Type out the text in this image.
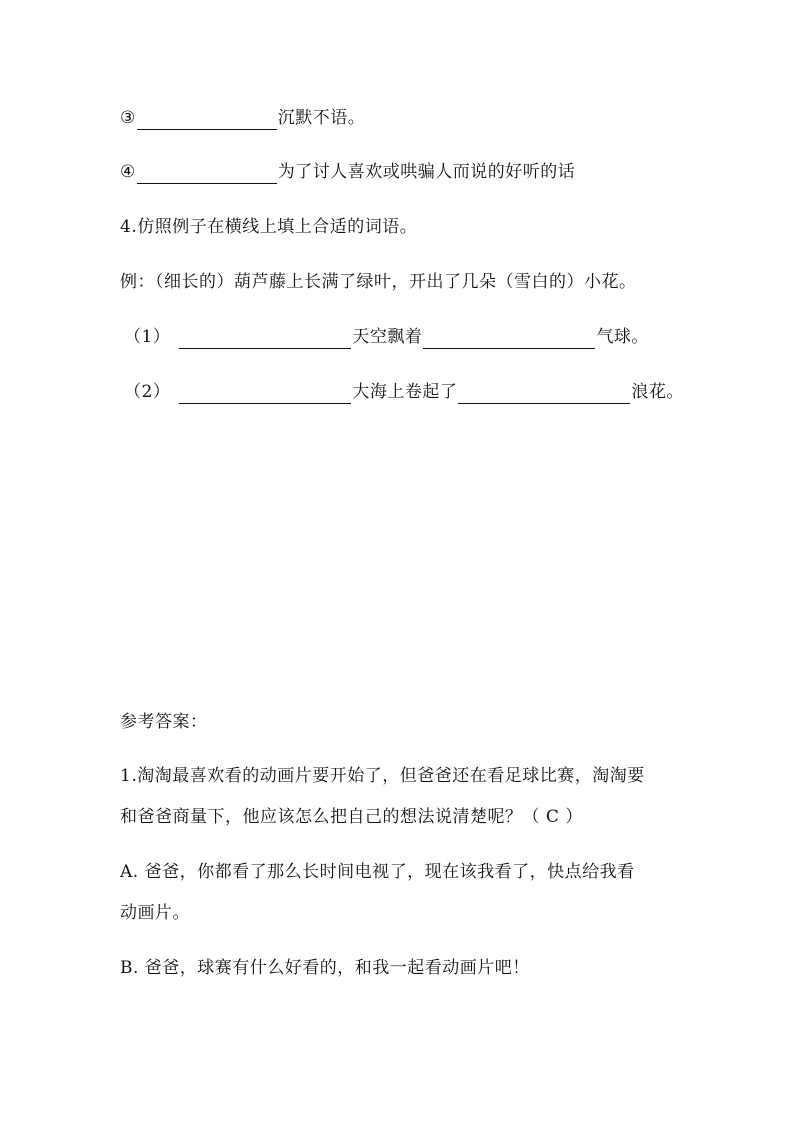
③	沉默不语。
④	为了讨人喜欢或哄骗人而说的好听的话
4.仿照例子在横线上填上合适的词语。
例：（细长的）葫芦藤上长满了绿叶，开出了几朵（雪白的）小花。
（1）	天空飘着	气球。
（2）	大海上卷起了	浪花。
参考答案：
1.淘淘最喜欢看的动画片要开始了，但爸爸还在看足球比赛，淘淘要
和爸爸商量下，他应该怎么把自己的想法说清楚呢？（ C ）
A. 爸爸，你都看了那么长时间电视了，现在该我看了，快点给我看
动画片。
B. 爸爸，球赛有什么好看的，和我一起看动画片吧！
